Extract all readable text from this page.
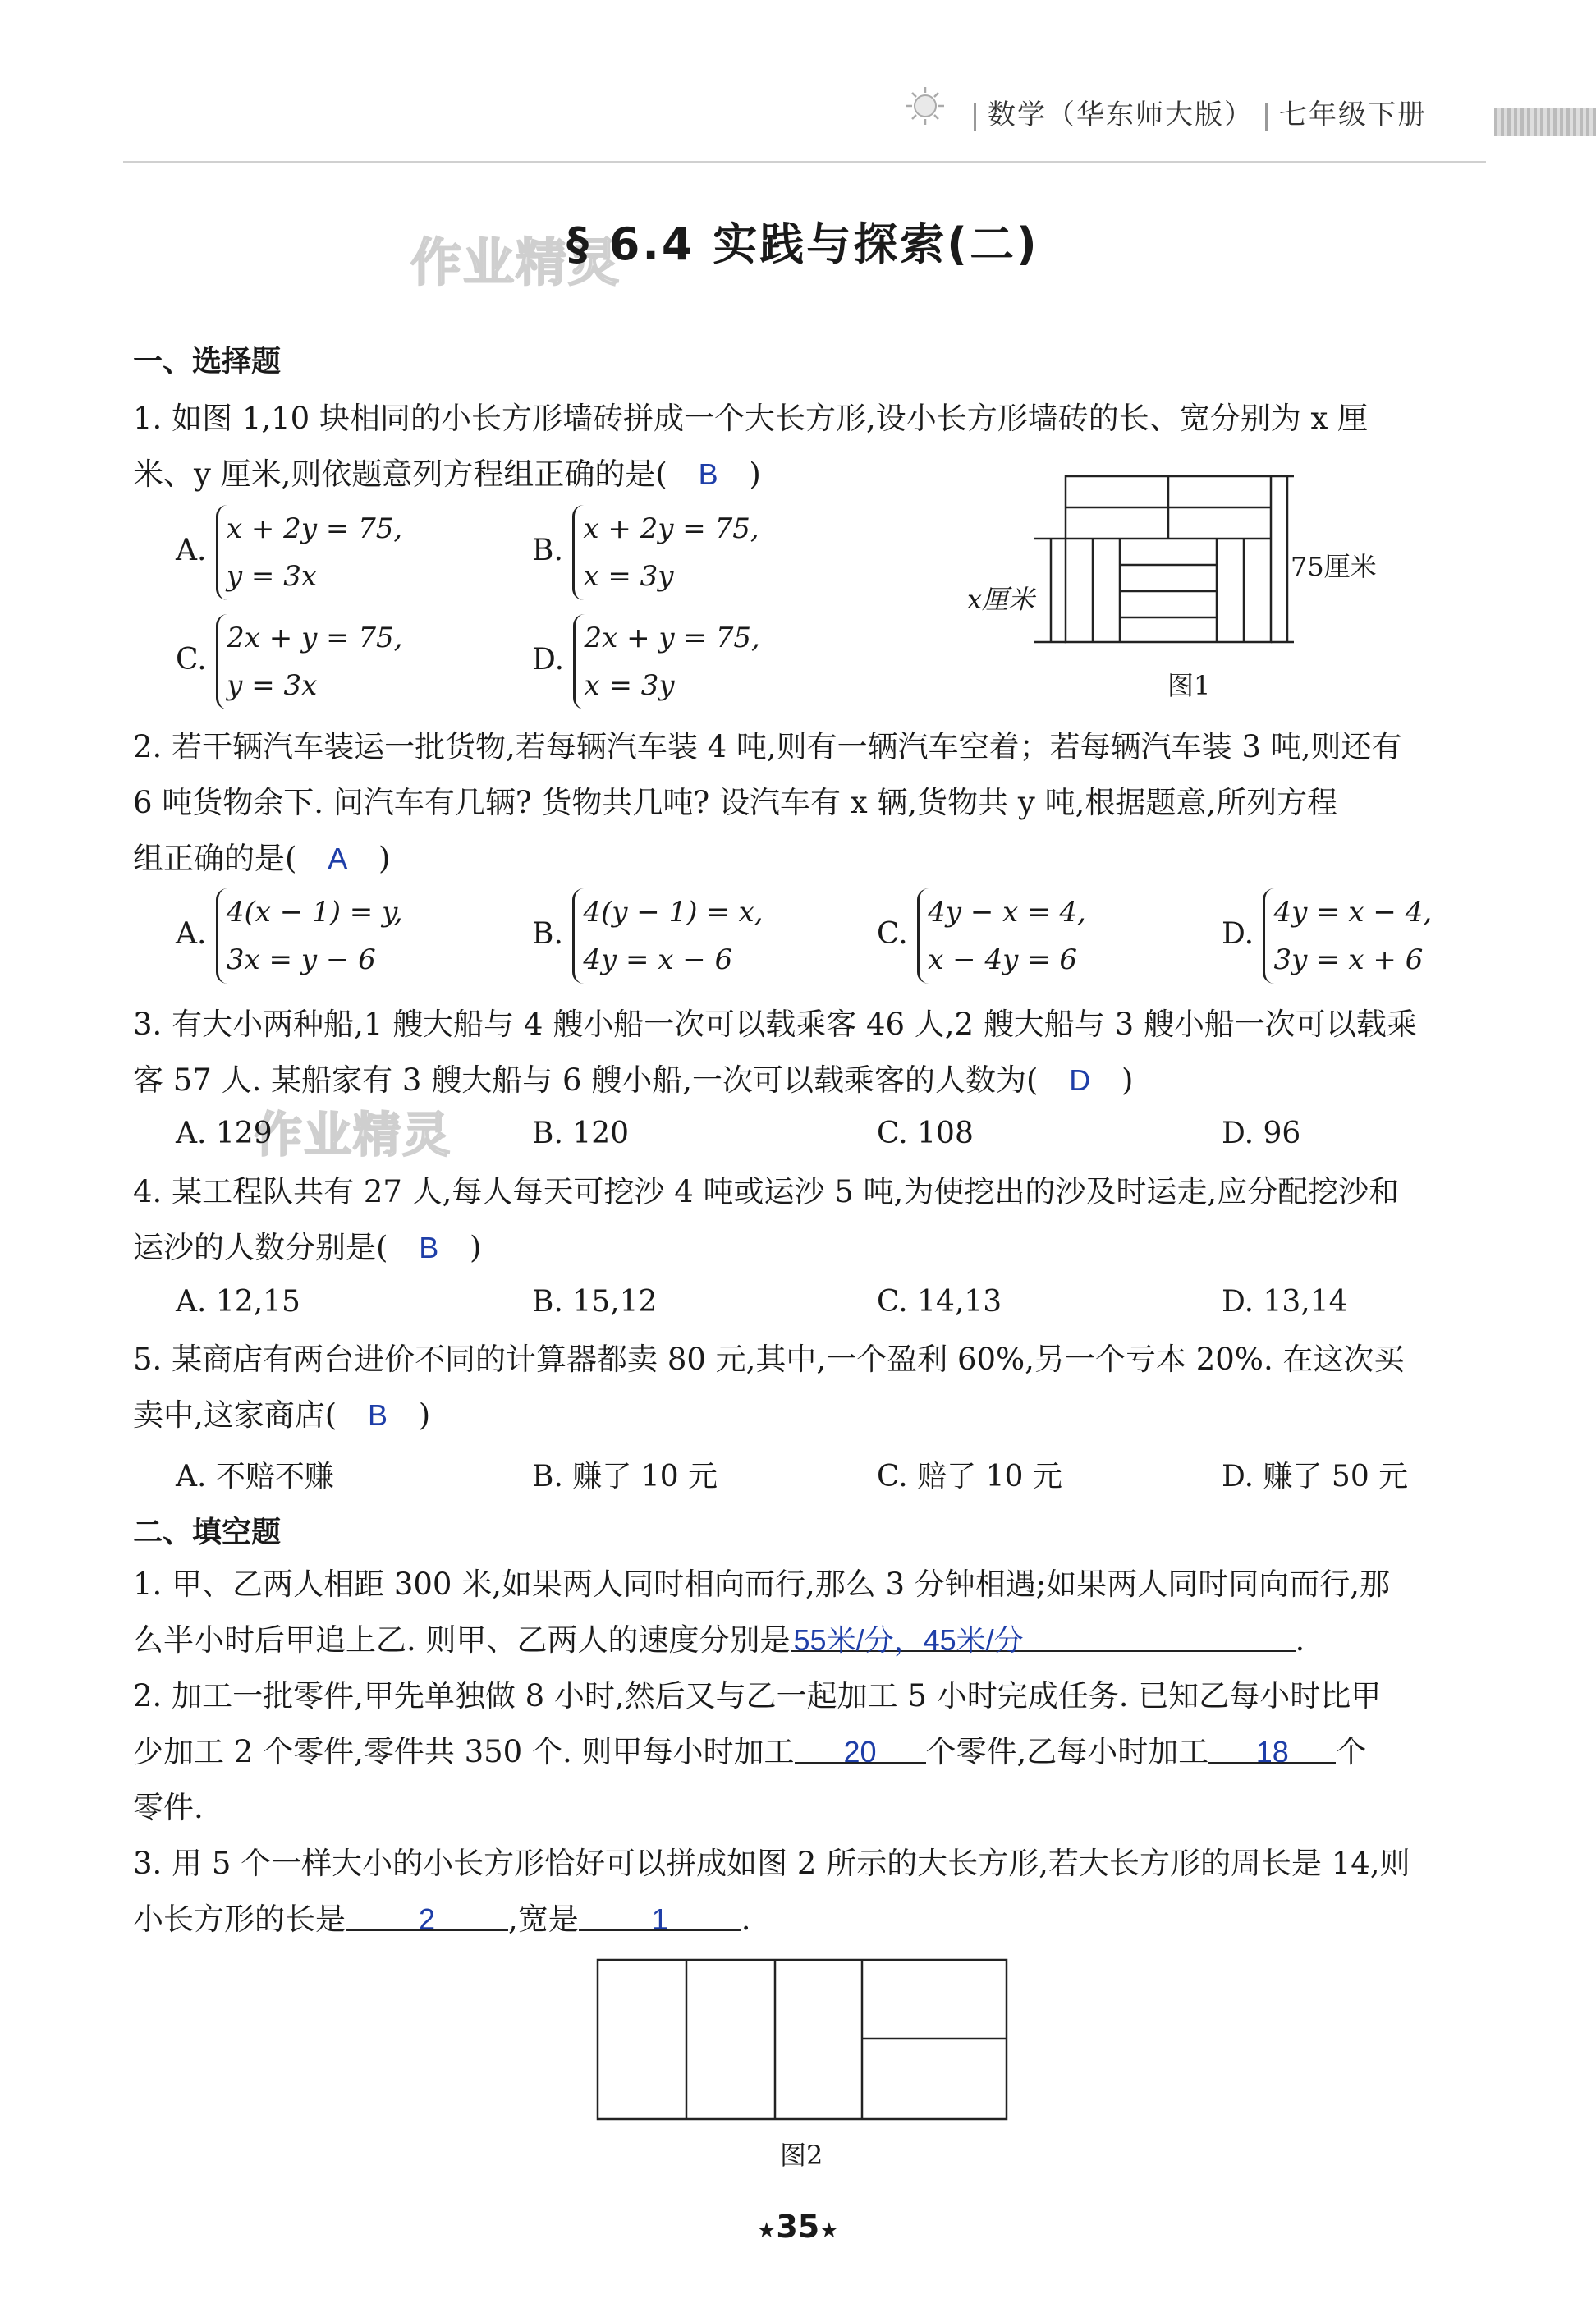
数学（华东师大版） 七年级下册
作业精灵
§ 6.4 实践与探索(二)
一、选择题
1. 如图 1,10 块相同的小长方形墙砖拼成一个大长方形,设小长方形墙砖的长、宽分别为 x 厘
米、y 厘米,则依题意列方程组正确的是( B )
A. x + 2y = 75,
y = 3x
B. x + 2y = 75,
x = 3y
C. 2x + y = 75,
y = 3x
D. 2x + y = 75,
x = 3y
75厘米
x厘米
图1
2. 若干辆汽车装运一批货物,若每辆汽车装 4 吨,则有一辆汽车空着；若每辆汽车装 3 吨,则还有
6 吨货物余下. 问汽车有几辆? 货物共几吨? 设汽车有 x 辆,货物共 y 吨,根据题意,所列方程
组正确的是( A )
A. 4(x − 1) = y,
3x = y − 6
B. 4(y − 1) = x,
4y = x − 6
C. 4y − x = 4,
x − 4y = 6
D. 4y = x − 4,
3y = x + 6
3. 有大小两种船,1 艘大船与 4 艘小船一次可以载乘客 46 人,2 艘大船与 3 艘小船一次可以载乘
客 57 人. 某船家有 3 艘大船与 6 艘小船,一次可以载乘客的人数为( D )
作业精灵
A. 129	B. 120	C. 108	D. 96
4. 某工程队共有 27 人,每人每天可挖沙 4 吨或运沙 5 吨,为使挖出的沙及时运走,应分配挖沙和
运沙的人数分别是( B )
A. 12,15	B. 15,12	C. 14,13	D. 13,14
5. 某商店有两台进价不同的计算器都卖 80 元,其中,一个盈利 60%,另一个亏本 20%. 在这次买
卖中,这家商店( B )
A. 不赔不赚	B. 赚了 10 元	C. 赔了 10 元	D. 赚了 50 元
二、填空题
1. 甲、乙两人相距 300 米,如果两人同时相向而行,那么 3 分钟相遇;如果两人同时同向而行,那
么半小时后甲追上乙. 则甲、乙两人的速度分别是 55米/分，45米/分	.
2. 加工一批零件,甲先单独做 8 小时,然后又与乙一起加工 5 小时完成任务. 已知乙每小时比甲
少加工 2 个零件,零件共 350 个. 则甲每小时加工 20 个零件,乙每小时加工 18 个
零件.
3. 用 5 个一样大小的小长方形恰好可以拼成如图 2 所示的大长方形,若大长方形的周长是 14,则
小长方形的长是 2 ,宽是 1 .
图2
★35★
